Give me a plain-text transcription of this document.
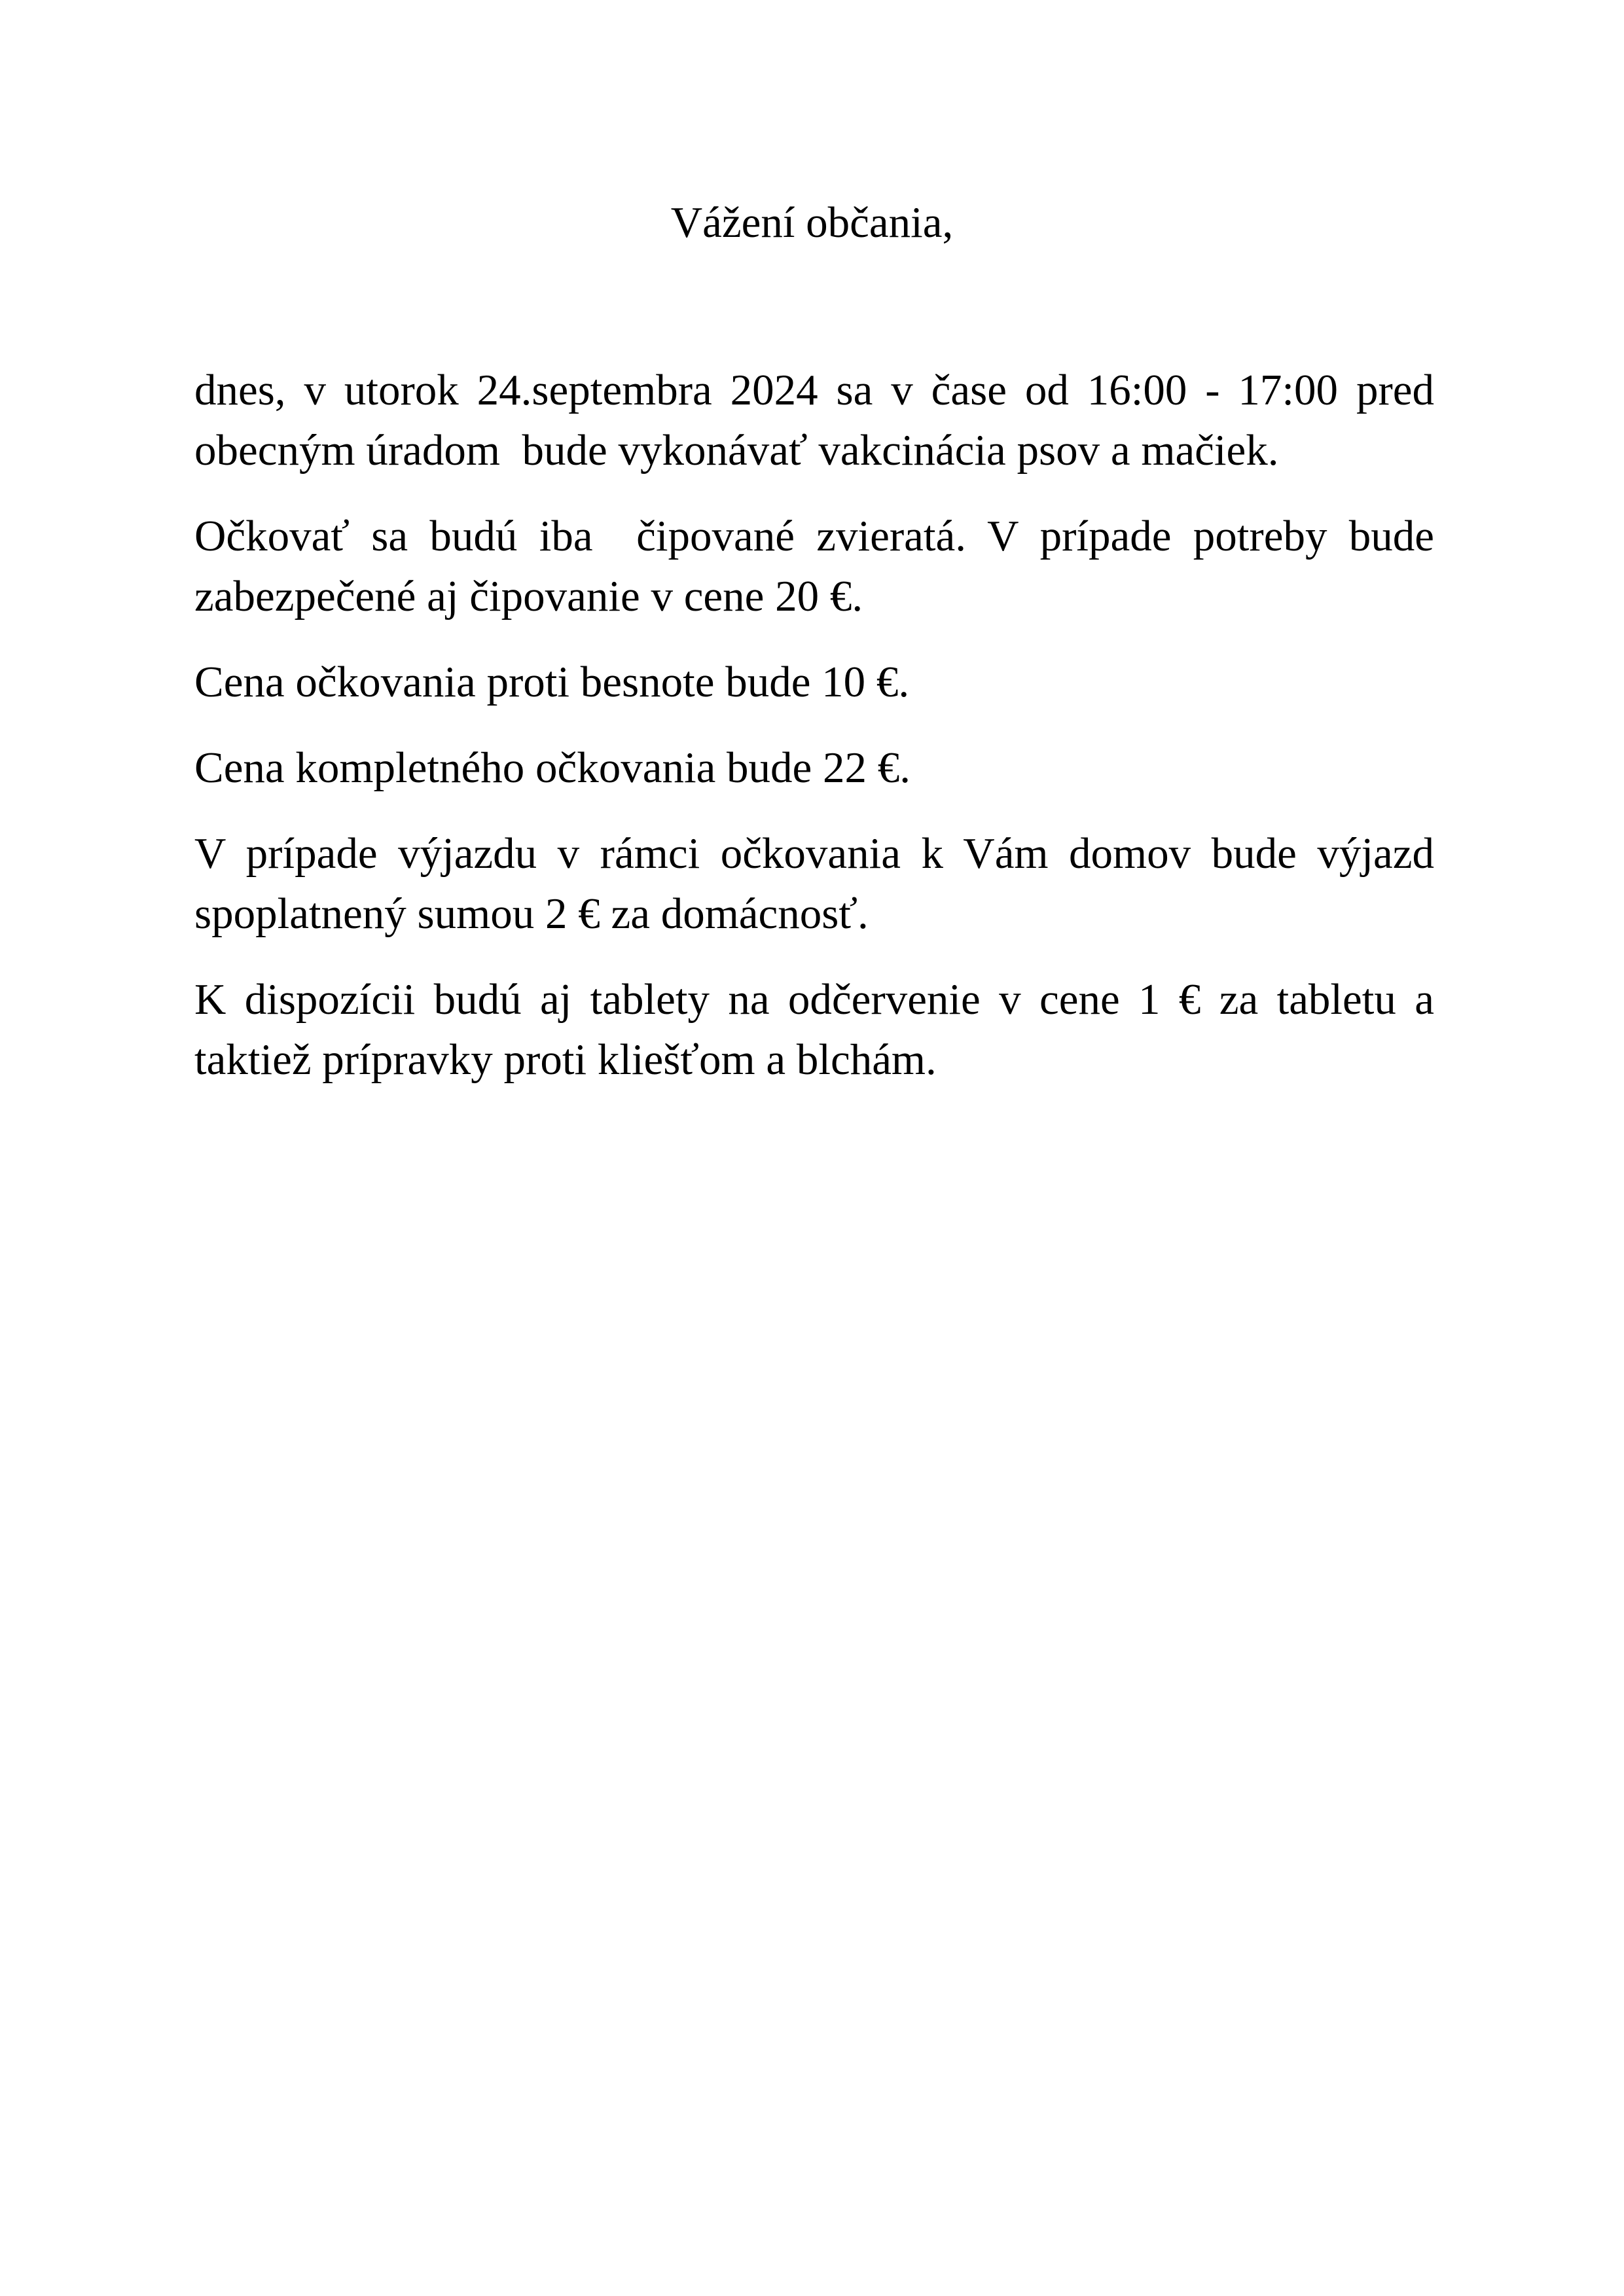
Vážení občania,

dnes, v utorok 24.septembra 2024 sa v čase od 16:00 - 17:00 pred obecným úradom  bude vykonávať vakcinácia psov a mačiek.

Očkovať sa budú iba  čipované zvieratá. V prípade potreby bude zabezpečené aj čipovanie v cene 20 €.

Cena očkovania proti besnote bude 10 €.

Cena kompletného očkovania bude 22 €.

V prípade výjazdu v rámci očkovania k Vám domov bude výjazd spoplatnený sumou 2 € za domácnosť.

K dispozícii budú aj tablety na odčervenie v cene 1 € za tabletu a taktiež prípravky proti kliešťom a blchám.
